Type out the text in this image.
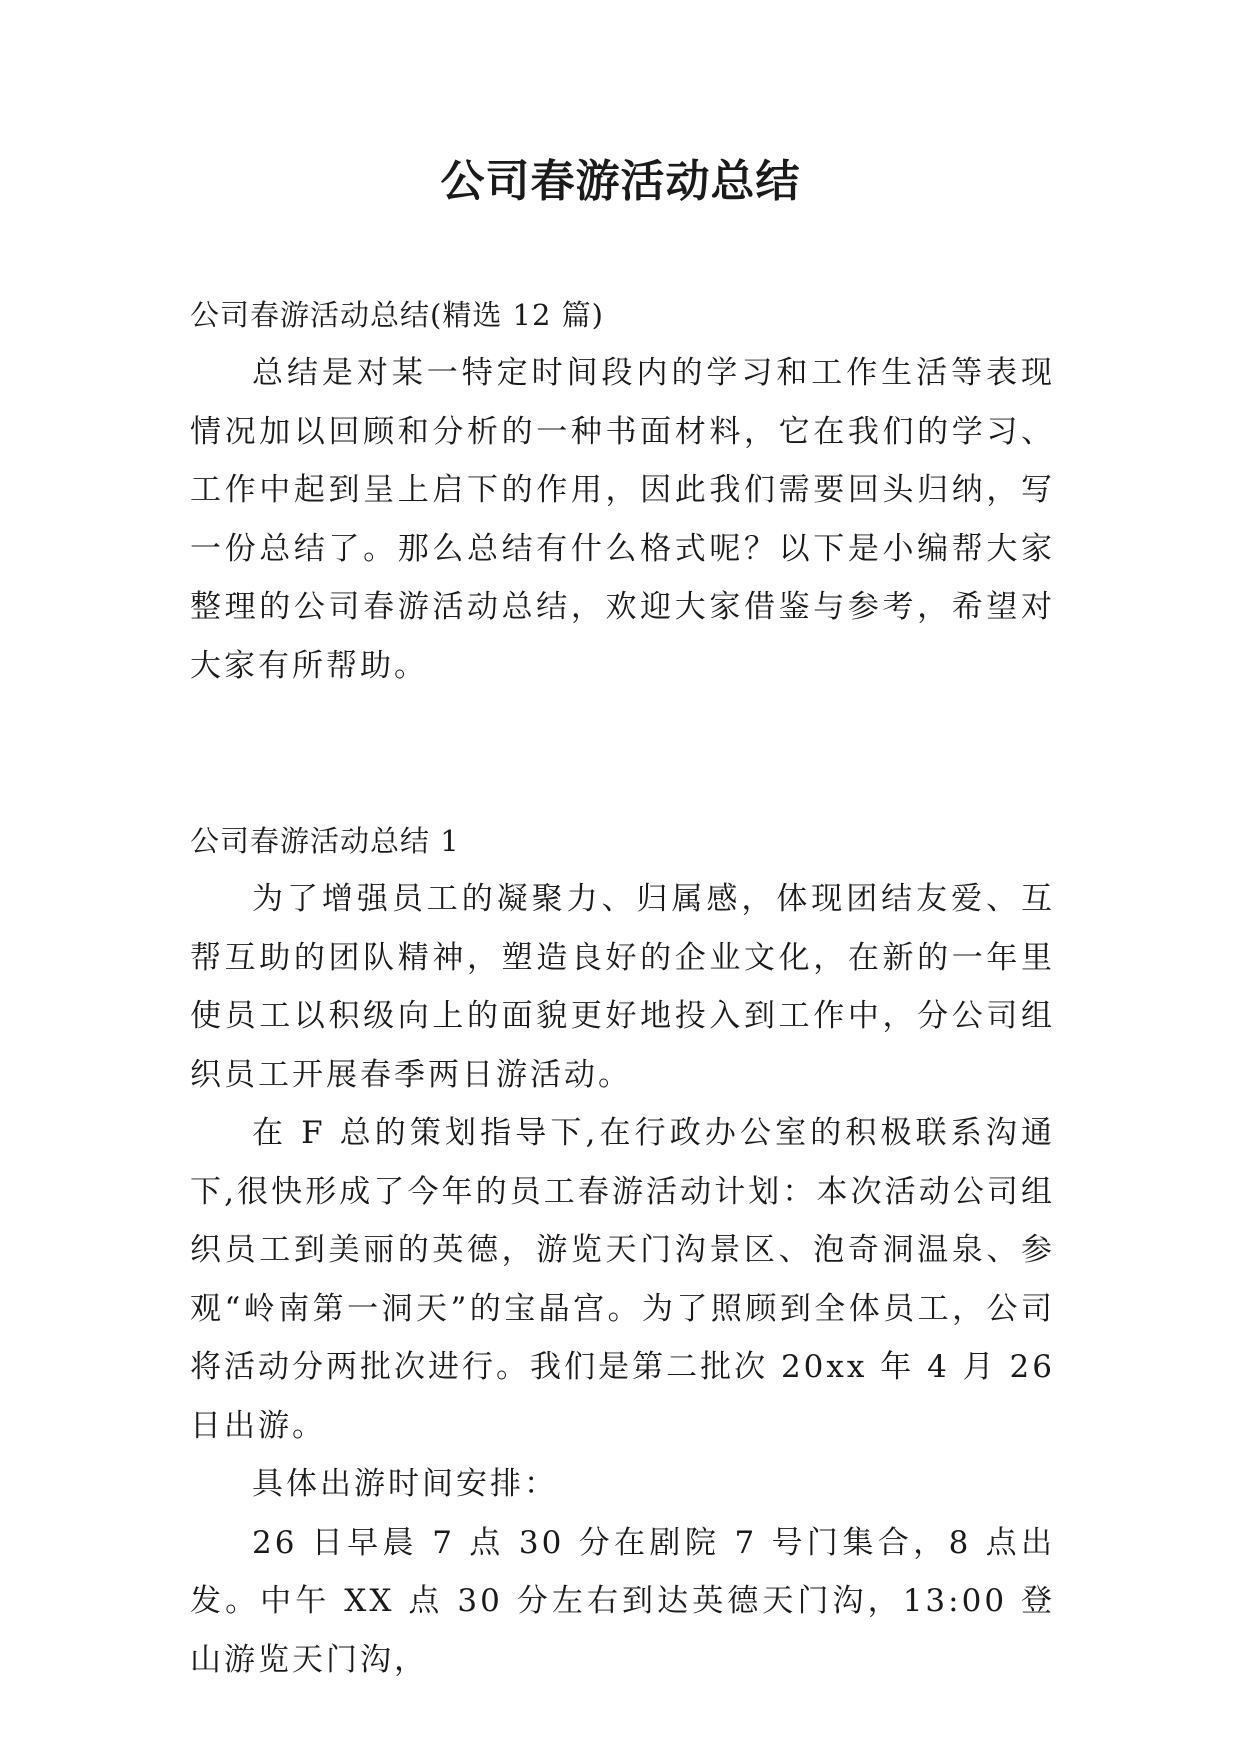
公司春游活动总结

公司春游活动总结(精选 12 篇)

总结是对某一特定时间段内的学习和工作生活等表现情况加以回顾和分析的一种书面材料，它在我们的学习、工作中起到呈上启下的作用，因此我们需要回头归纳，写一份总结了。那么总结有什么格式呢？以下是小编帮大家整理的公司春游活动总结，欢迎大家借鉴与参考，希望对大家有所帮助。

公司春游活动总结 1

为了增强员工的凝聚力、归属感，体现团结友爱、互帮互助的团队精神，塑造良好的企业文化，在新的一年里使员工以积级向上的面貌更好地投入到工作中，分公司组织员工开展春季两日游活动。

在 F 总的策划指导下,在行政办公室的积极联系沟通下,很快形成了今年的员工春游活动计划：本次活动公司组织员工到美丽的英德，游览天门沟景区、泡奇洞温泉、参观“岭南第一洞天”的宝晶宫。为了照顾到全体员工，公司将活动分两批次进行。我们是第二批次 20xx 年 4 月 26 日出游。

具体出游时间安排：

26 日早晨 7 点 30 分在剧院 7 号门集合，8 点出发。中午 XX 点 30 分左右到达英德天门沟，13:00 登山游览天门沟，
